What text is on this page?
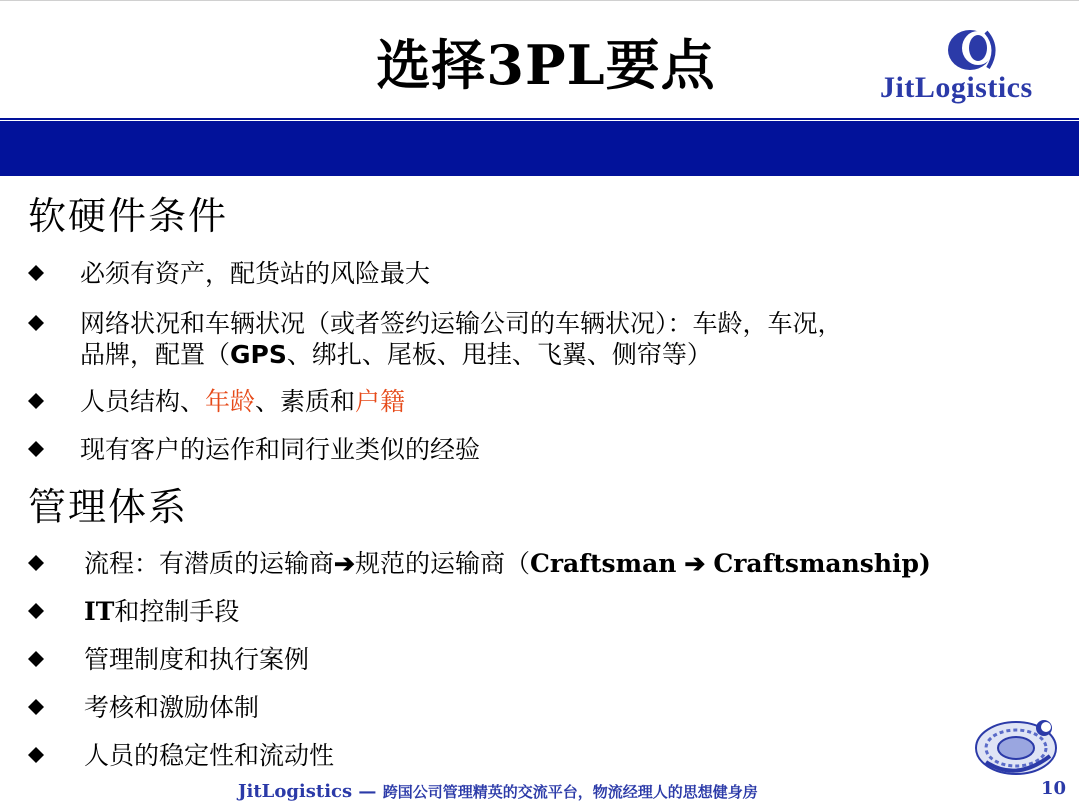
选择3PL要点	JitLogistics
软硬件条件
必须有资产，配货站的风险最大
网络状况和车辆状况（或者签约运输公司的车辆状况）：车龄，车况，
品牌，配置（GPS、绑扎、尾板、甩挂、飞翼、侧帘等）
人员结构、年龄、素质和户籍
现有客户的运作和同行业类似的经验
管理体系
流程：有潜质的运输商➔规范的运输商（Craftsman ➔ Craftsmanship)
IT和控制手段
管理制度和执行案例
考核和激励体制
人员的稳定性和流动性
JitLogistics — 跨国公司管理精英的交流平台，物流经理人的思想健身房	10
